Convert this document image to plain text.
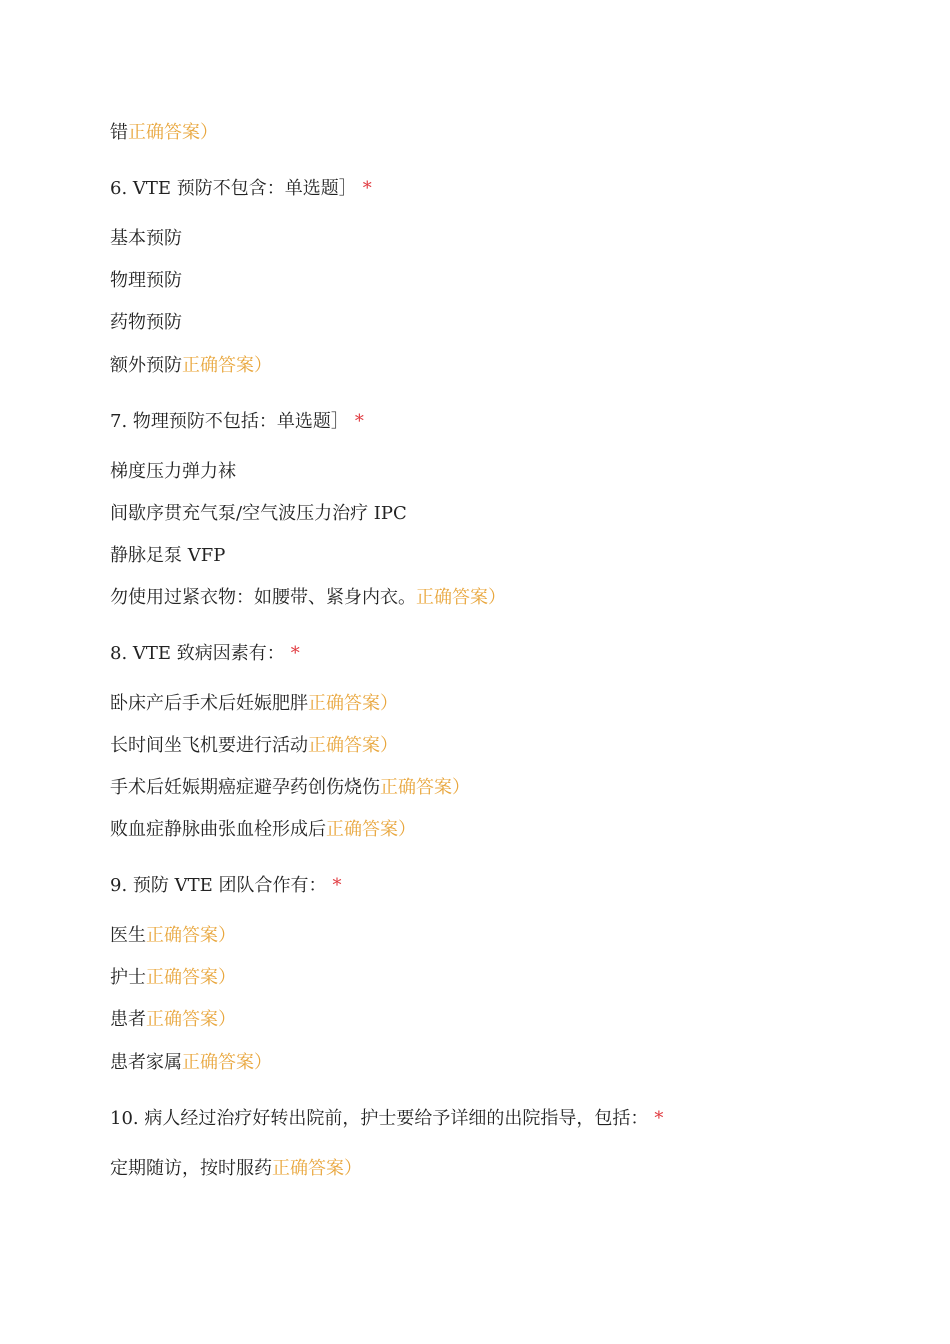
错正确答案）
6. VTE 预防不包含：单选题］ *
基本预防
物理预防
药物预防
额外预防正确答案）
7. 物理预防不包括：单选题］ *
梯度压力弹力袜
间歇序贯充气泵/空气波压力治疗 IPC
静脉足泵 VFP
勿使用过紧衣物：如腰带、紧身内衣。正确答案）
8. VTE 致病因素有： *
卧床产后手术后妊娠肥胖正确答案）
长时间坐飞机要进行活动正确答案）
手术后妊娠期癌症避孕药创伤烧伤正确答案）
败血症静脉曲张血栓形成后正确答案）
9. 预防 VTE 团队合作有： *
医生正确答案）
护士正确答案）
患者正确答案）
患者家属正确答案）
10. 病人经过治疗好转出院前，护士要给予详细的出院指导，包括： *
定期随访，按时服药正确答案）
